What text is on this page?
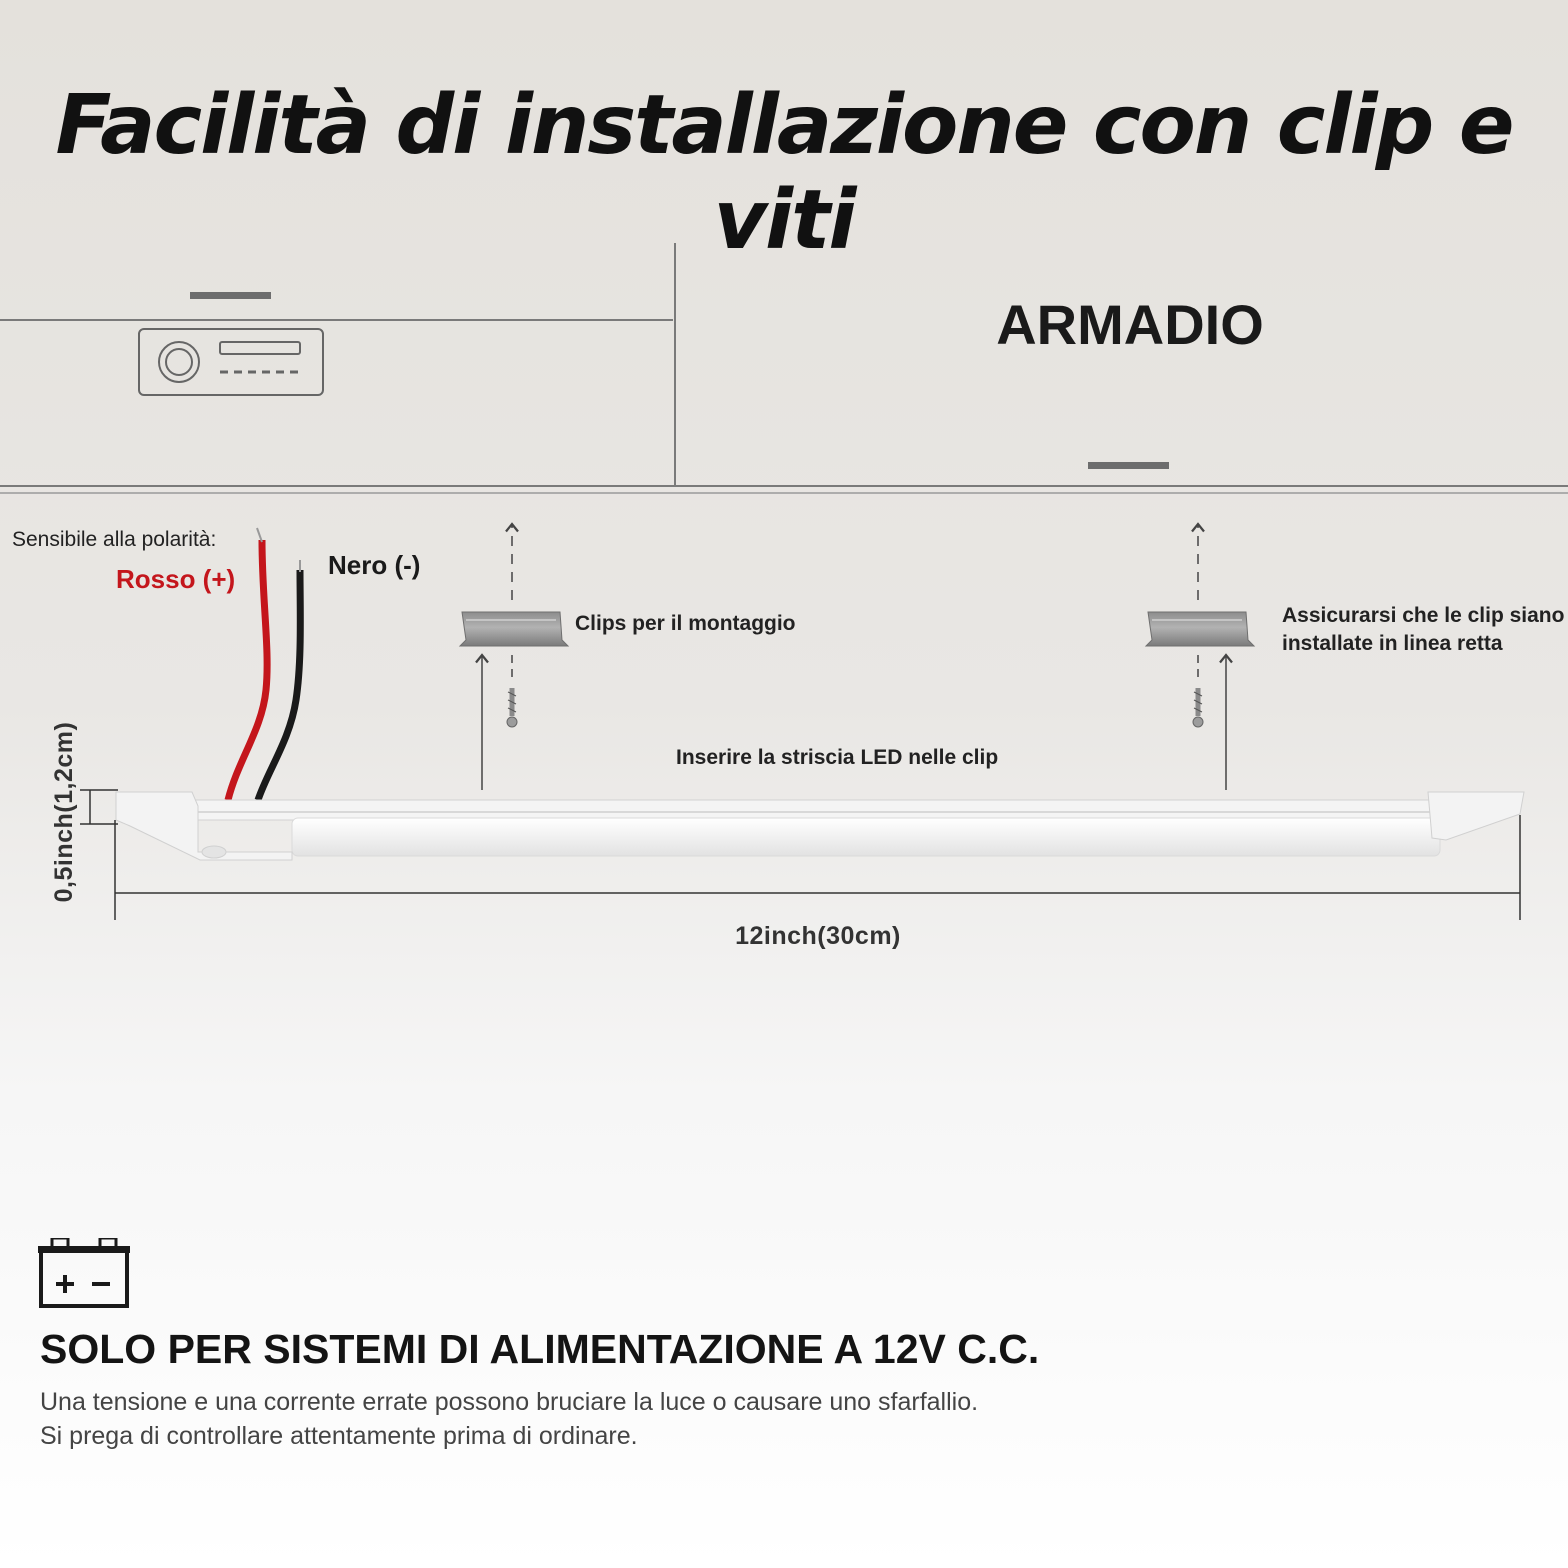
Facilità di installazione con clip e viti
ARMADIO
Sensibile alla polarità:
Rosso (+)	Nero (-)
Clips per il montaggio	Assicurarsi che le clip siano
installate in linea retta
Inserire la striscia LED nelle clip
0,5inch(1,2cm)
12inch(30cm)
SOLO PER SISTEMI DI ALIMENTAZIONE A 12V C.C.
Una tensione e una corrente errate possono bruciare la luce o causare uno sfarfallio.
Si prega di controllare attentamente prima di ordinare.
